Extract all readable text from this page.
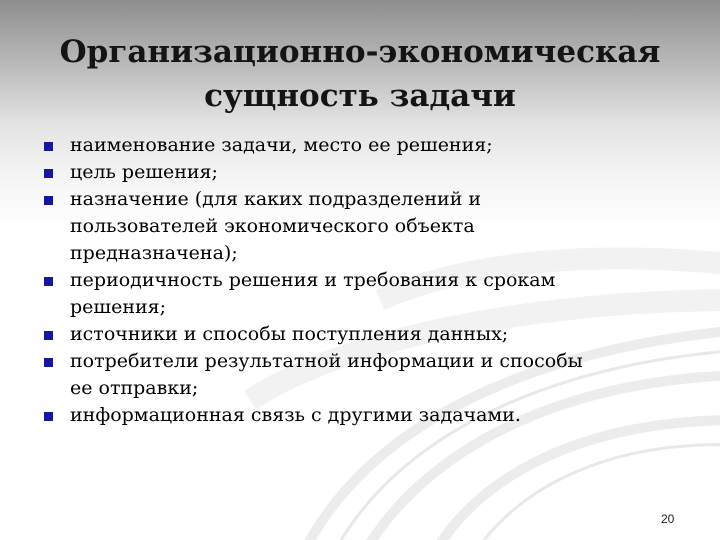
Организационно-экономическая
сущность задачи
наименование задачи, место ее решения;
цель решения;
назначение (для каких подразделений и
пользователей экономического объекта
предназначена);
периодичность решения и требования к срокам
решения;
источники и способы поступления данных;
потребители результатной информации и способы
ее отправки;
информационная связь с другими задачами.
20
